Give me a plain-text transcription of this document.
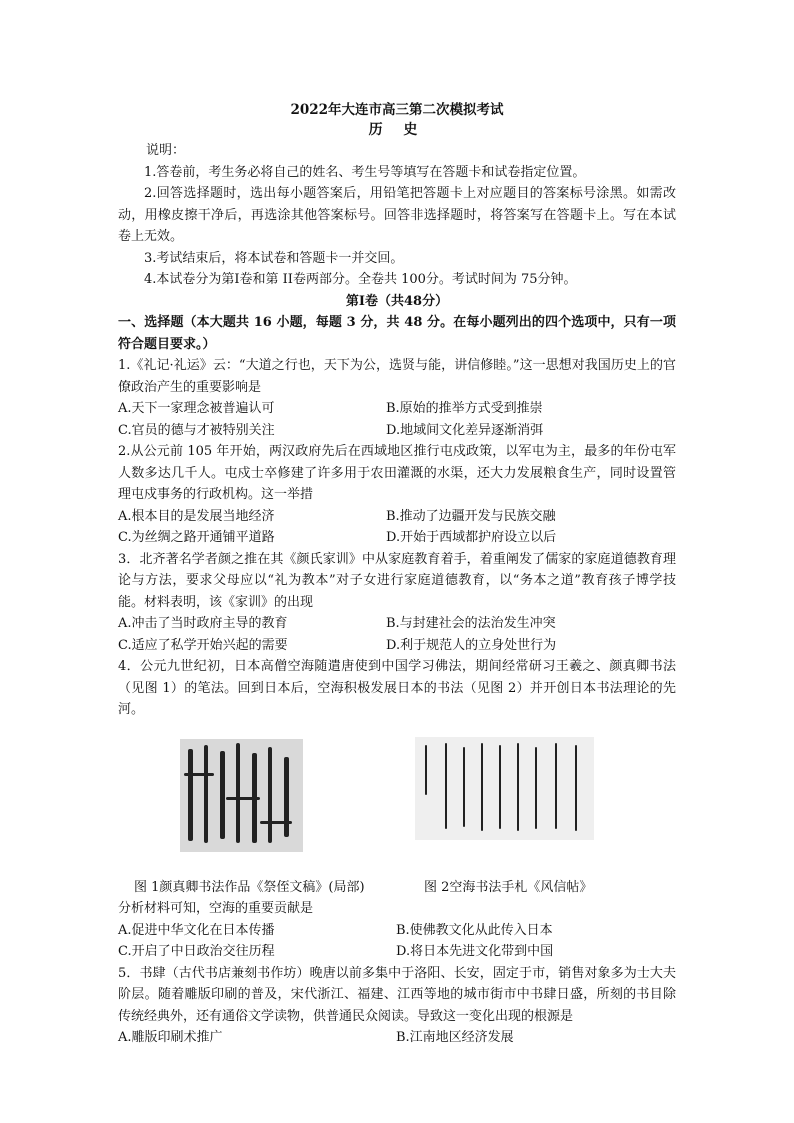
2022年大连市高三第二次模拟考试
历 史

说明：

1.答卷前，考生务必将自己的姓名、考生号等填写在答题卡和试卷指定位置。

2.回答选择题时，选出每小题答案后，用铅笔把答题卡上对应题目的答案标号涂黑。如需改动，用橡皮擦干净后，再选涂其他答案标号。回答非选择题时，将答案写在答题卡上。写在本试卷上无效。

3.考试结束后，将本试卷和答题卡一并交回。

4.本试卷分为第Ⅰ卷和第 II卷两部分。全卷共 100分。考试时间为 75分钟。

第Ⅰ卷（共48分）

一、选择题（本大题共 16 小题，每题 3 分，共 48 分。在每小题列出的四个选项中，只有一项符合题目要求。）

1.《礼记·礼运》云：“大道之行也，天下为公，选贤与能，讲信修睦。”这一思想对我国历史上的官僚政治产生的重要影响是

A.天下一家理念被普遍认可	B.原始的推举方式受到推崇
C.官员的德与才被特别关注	D.地域间文化差异逐渐消弭

2.从公元前 105 年开始，两汉政府先后在西域地区推行屯戍政策，以军屯为主，最多的年份屯军人数多达几千人。屯戍士卒修建了许多用于农田灌溉的水渠，还大力发展粮食生产，同时设置管理屯戍事务的行政机构。这一举措

A.根本目的是发展当地经济	B.推动了边疆开发与民族交融
C.为丝绸之路开通铺平道路	D.开始于西域都护府设立以后

3．北齐著名学者颜之推在其《颜氏家训》中从家庭教育着手，着重阐发了儒家的家庭道德教育理论与方法，要求父母应以“礼为教本”对子女进行家庭道德教育，以“务本之道”教育孩子博学技能。材料表明，该《家训》的出现

A.冲击了当时政府主导的教育	B.与封建社会的法治发生冲突
C.适应了私学开始兴起的需要	D.利于规范人的立身处世行为

4．公元九世纪初，日本高僧空海随遣唐使到中国学习佛法，期间经常研习王羲之、颜真卿书法（见图 1）的笔法。回到日本后，空海积极发展日本的书法（见图 2）并开创日本书法理论的先河。

图 1颜真卿书法作品《祭侄文稿》(局部)	图 2空海书法手札《风信帖》

分析材料可知，空海的重要贡献是

A.促进中华文化在日本传播	B.使佛教文化从此传入日本
C.开启了中日政治交往历程	D.将日本先进文化带到中国

5．书肆（古代书店兼刻书作坊）晚唐以前多集中于洛阳、长安，固定于市，销售对象多为士大夫阶层。随着雕版印刷的普及，宋代浙江、福建、江西等地的城市街市中书肆日盛，所刻的书目除传统经典外，还有通俗文学读物，供普通民众阅读。导致这一变化出现的根源是

A.雕版印刷术推广	B.江南地区经济发展
